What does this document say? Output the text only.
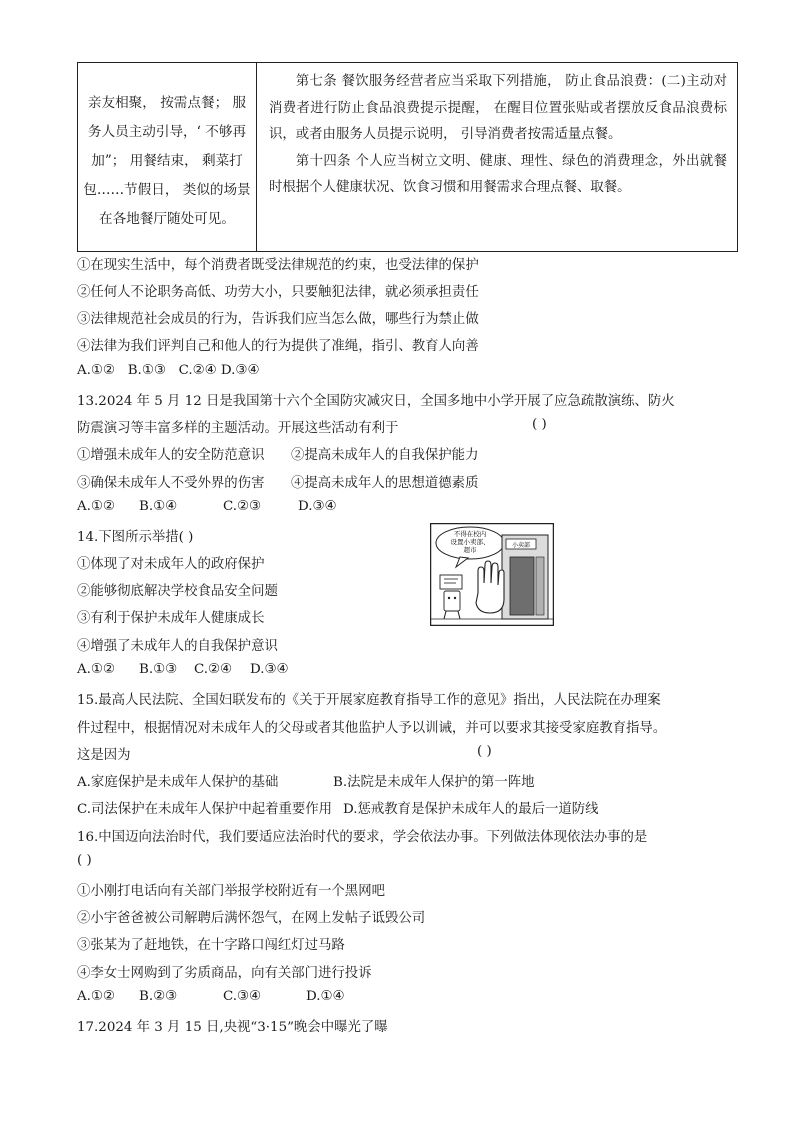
亲友相聚， 按需点餐； 服
务人员主动引导，‘ 不够再
加”； 用餐结束， 剩菜打
包……节假日， 类似的场景
在各地餐厅随处可见。

第七条 餐饮服务经营者应当采取下列措施， 防止食品浪费：(二)主动对消费者进行防止食品浪费提示提醒， 在醒目位置张贴或者摆放反食品浪费标识，或者由服务人员提示说明， 引导消费者按需适量点餐。

第十四条 个人应当树立文明、健康、理性、绿色的消费理念，外出就餐时根据个人健康状况、饮食习惯和用餐需求合理点餐、取餐。

①在现实生活中，每个消费者既受法律规范的约束，也受法律的保护
②任何人不论职务高低、功劳大小，只要触犯法律，就必须承担责任
③法律规范社会成员的行为，告诉我们应当怎么做，哪些行为禁止做
④法律为我们评判自己和他人的行为提供了准绳，指引、教育人向善
A.①② B.①③ C.②④ D.③④
13.2024 年 5 月 12 日是我国第十六个全国防灾减灾日，全国多地中小学开展了应急疏散演练、防火
防震演习等丰富多样的主题活动。开展这些活动有利于	( )
①增强未成年人的安全防范意识 ②提高未成年人的自我保护能力
③确保未成年人不受外界的伤害 ④提高未成年人的思想道德素质
A.①② B.①④	C.②③	D.③④
14.下图所示举措( )
①体现了对未成年人的政府保护
②能够彻底解决学校食品安全问题
③有利于保护未成年人健康成长
④增强了未成年人的自我保护意识
A.①② B.①③ C.②④ D.③④
不得在校内
设置小卖部、
超市
小卖部
15.最高人民法院、全国妇联发布的《关于开展家庭教育指导工作的意见》指出，人民法院在办理案
件过程中，根据情况对未成年人的父母或者其他监护人予以训诫，并可以要求其接受家庭教育指导。
这是因为	( )
A.家庭保护是未成年人保护的基础	B.法院是未成年人保护的第一阵地
C.司法保护在未成年人保护中起着重要作用 D.惩戒教育是保护未成年人的最后一道防线
16.中国迈向法治时代，我们要适应法治时代的要求，学会依法办事。下列做法体现依法办事的是
( )
①小刚打电话向有关部门举报学校附近有一个黑网吧
②小宇爸爸被公司解聘后满怀怨气，在网上发帖子诋毁公司
③张某为了赶地铁，在十字路口闯红灯过马路
④李女士网购到了劣质商品，向有关部门进行投诉
A.①② B.②③	C.③④	D.①④
17.2024 年 3 月 15 日,央视“3·15”晚会中曝光了曝
